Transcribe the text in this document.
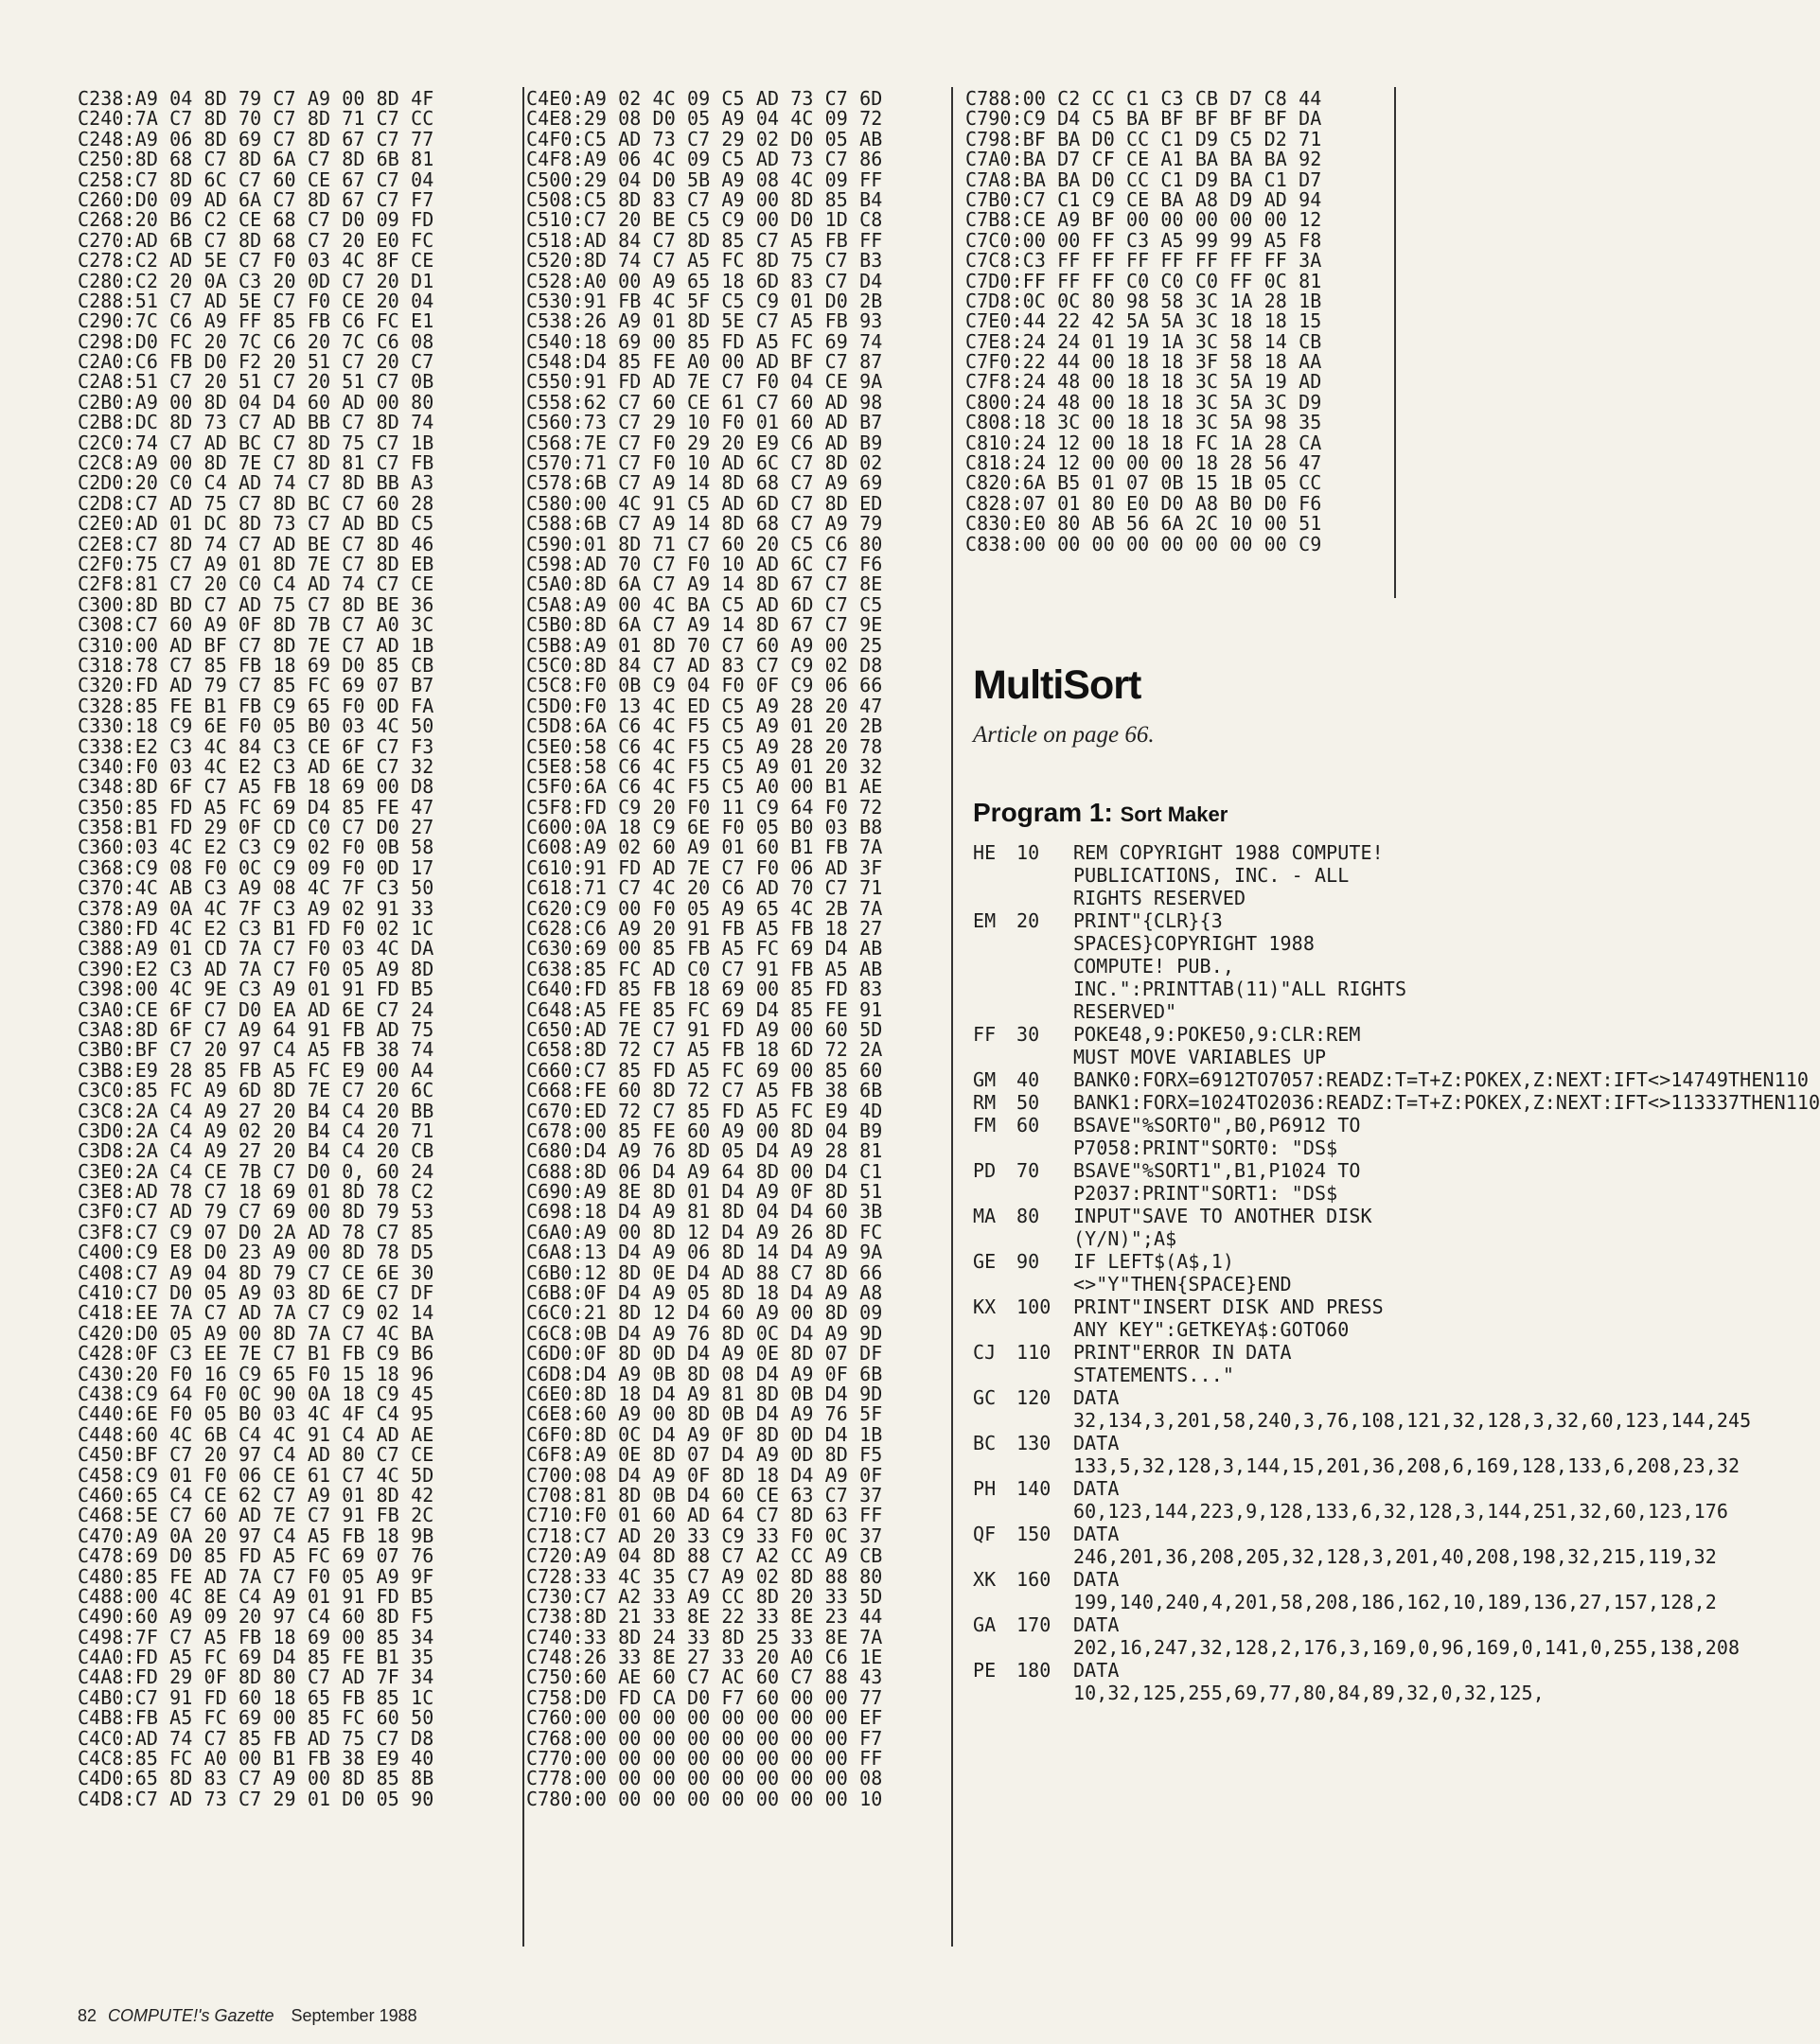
C238:A9 04 8D 79 C7 A9 00 8D 4F
C240:7A C7 8D 70 C7 8D 71 C7 CC
C248:A9 06 8D 69 C7 8D 67 C7 77
C250:8D 68 C7 8D 6A C7 8D 6B 81
C258:C7 8D 6C C7 60 CE 67 C7 04
C260:D0 09 AD 6A C7 8D 67 C7 F7
C268:20 B6 C2 CE 68 C7 D0 09 FD
C270:AD 6B C7 8D 68 C7 20 E0 FC
C278:C2 AD 5E C7 F0 03 4C 8F CE
C280:C2 20 0A C3 20 0D C7 20 D1
C288:51 C7 AD 5E C7 F0 CE 20 04
C290:7C C6 A9 FF 85 FB C6 FC E1
C298:D0 FC 20 7C C6 20 7C C6 08
C2A0:C6 FB D0 F2 20 51 C7 20 C7
C2A8:51 C7 20 51 C7 20 51 C7 0B
C2B0:A9 00 8D 04 D4 60 AD 00 80
C2B8:DC 8D 73 C7 AD BB C7 8D 74
C2C0:74 C7 AD BC C7 8D 75 C7 1B
C2C8:A9 00 8D 7E C7 8D 81 C7 FB
C2D0:20 C0 C4 AD 74 C7 8D BB A3
C2D8:C7 AD 75 C7 8D BC C7 60 28
C2E0:AD 01 DC 8D 73 C7 AD BD C5
C2E8:C7 8D 74 C7 AD BE C7 8D 46
C2F0:75 C7 A9 01 8D 7E C7 8D EB
C2F8:81 C7 20 C0 C4 AD 74 C7 CE
C300:8D BD C7 AD 75 C7 8D BE 36
C308:C7 60 A9 0F 8D 7B C7 A0 3C
C310:00 AD BF C7 8D 7E C7 AD 1B
C318:78 C7 85 FB 18 69 D0 85 CB
C320:FD AD 79 C7 85 FC 69 07 B7
C328:85 FE B1 FB C9 65 F0 0D FA
C330:18 C9 6E F0 05 B0 03 4C 50
C338:E2 C3 4C 84 C3 CE 6F C7 F3
C340:F0 03 4C E2 C3 AD 6E C7 32
C348:8D 6F C7 A5 FB 18 69 00 D8
C350:85 FD A5 FC 69 D4 85 FE 47
C358:B1 FD 29 0F CD C0 C7 D0 27
C360:03 4C E2 C3 C9 02 F0 0B 58
C368:C9 08 F0 0C C9 09 F0 0D 17
C370:4C AB C3 A9 08 4C 7F C3 50
C378:A9 0A 4C 7F C3 A9 02 91 33
C380:FD 4C E2 C3 B1 FD F0 02 1C
C388:A9 01 CD 7A C7 F0 03 4C DA
C390:E2 C3 AD 7A C7 F0 05 A9 8D
C398:00 4C 9E C3 A9 01 91 FD B5
C3A0:CE 6F C7 D0 EA AD 6E C7 24
C3A8:8D 6F C7 A9 64 91 FB AD 75
C3B0:BF C7 20 97 C4 A5 FB 38 74
C3B8:E9 28 85 FB A5 FC E9 00 A4
C3C0:85 FC A9 6D 8D 7E C7 20 6C
C3C8:2A C4 A9 27 20 B4 C4 20 BB
C3D0:2A C4 A9 02 20 B4 C4 20 71
C3D8:2A C4 A9 27 20 B4 C4 20 CB
C3E0:2A C4 CE 7B C7 D0 0, 60 24
C3E8:AD 78 C7 18 69 01 8D 78 C2
C3F0:C7 AD 79 C7 69 00 8D 79 53
C3F8:C7 C9 07 D0 2A AD 78 C7 85
C400:C9 E8 D0 23 A9 00 8D 78 D5
C408:C7 A9 04 8D 79 C7 CE 6E 30
C410:C7 D0 05 A9 03 8D 6E C7 DF
C418:EE 7A C7 AD 7A C7 C9 02 14
C420:D0 05 A9 00 8D 7A C7 4C BA
C428:0F C3 EE 7E C7 B1 FB C9 B6
C430:20 F0 16 C9 65 F0 15 18 96
C438:C9 64 F0 0C 90 0A 18 C9 45
C440:6E F0 05 B0 03 4C 4F C4 95
C448:60 4C 6B C4 4C 91 C4 AD AE
C450:BF C7 20 97 C4 AD 80 C7 CE
C458:C9 01 F0 06 CE 61 C7 4C 5D
C460:65 C4 CE 62 C7 A9 01 8D 42
C468:5E C7 60 AD 7E C7 91 FB 2C
C470:A9 0A 20 97 C4 A5 FB 18 9B
C478:69 D0 85 FD A5 FC 69 07 76
C480:85 FE AD 7A C7 F0 05 A9 9F
C488:00 4C 8E C4 A9 01 91 FD B5
C490:60 A9 09 20 97 C4 60 8D F5
C498:7F C7 A5 FB 18 69 00 85 34
C4A0:FD A5 FC 69 D4 85 FE B1 35
C4A8:FD 29 0F 8D 80 C7 AD 7F 34
C4B0:C7 91 FD 60 18 65 FB 85 1C
C4B8:FB A5 FC 69 00 85 FC 60 50
C4C0:AD 74 C7 85 FB AD 75 C7 D8
C4C8:85 FC A0 00 B1 FB 38 E9 40
C4D0:65 8D 83 C7 A9 00 8D 85 8B
C4D8:C7 AD 73 C7 29 01 D0 05 90
C4E0:A9 02 4C 09 C5 AD 73 C7 6D
C4E8:29 08 D0 05 A9 04 4C 09 72
C4F0:C5 AD 73 C7 29 02 D0 05 AB
C4F8:A9 06 4C 09 C5 AD 73 C7 86
C500:29 04 D0 5B A9 08 4C 09 FF
C508:C5 8D 83 C7 A9 00 8D 85 B4
C510:C7 20 BE C5 C9 00 D0 1D C8
C518:AD 84 C7 8D 85 C7 A5 FB FF
C520:8D 74 C7 A5 FC 8D 75 C7 B3
C528:A0 00 A9 65 18 6D 83 C7 D4
C530:91 FB 4C 5F C5 C9 01 D0 2B
C538:26 A9 01 8D 5E C7 A5 FB 93
C540:18 69 00 85 FD A5 FC 69 74
C548:D4 85 FE A0 00 AD BF C7 87
C550:91 FD AD 7E C7 F0 04 CE 9A
C558:62 C7 60 CE 61 C7 60 AD 98
C560:73 C7 29 10 F0 01 60 AD B7
C568:7E C7 F0 29 20 E9 C6 AD B9
C570:71 C7 F0 10 AD 6C C7 8D 02
C578:6B C7 A9 14 8D 68 C7 A9 69
C580:00 4C 91 C5 AD 6D C7 8D ED
C588:6B C7 A9 14 8D 68 C7 A9 79
C590:01 8D 71 C7 60 20 C5 C6 80
C598:AD 70 C7 F0 10 AD 6C C7 F6
C5A0:8D 6A C7 A9 14 8D 67 C7 8E
C5A8:A9 00 4C BA C5 AD 6D C7 C5
C5B0:8D 6A C7 A9 14 8D 67 C7 9E
C5B8:A9 01 8D 70 C7 60 A9 00 25
C5C0:8D 84 C7 AD 83 C7 C9 02 D8
C5C8:F0 0B C9 04 F0 0F C9 06 66
C5D0:F0 13 4C ED C5 A9 28 20 47
C5D8:6A C6 4C F5 C5 A9 01 20 2B
C5E0:58 C6 4C F5 C5 A9 28 20 78
C5E8:58 C6 4C F5 C5 A9 01 20 32
C5F0:6A C6 4C F5 C5 A0 00 B1 AE
C5F8:FD C9 20 F0 11 C9 64 F0 72
C600:0A 18 C9 6E F0 05 B0 03 B8
C608:A9 02 60 A9 01 60 B1 FB 7A
C610:91 FD AD 7E C7 F0 06 AD 3F
C618:71 C7 4C 20 C6 AD 70 C7 71
C620:C9 00 F0 05 A9 65 4C 2B 7A
C628:C6 A9 20 91 FB A5 FB 18 27
C630:69 00 85 FB A5 FC 69 D4 AB
C638:85 FC AD C0 C7 91 FB A5 AB
C640:FD 85 FB 18 69 00 85 FD 83
C648:A5 FE 85 FC 69 D4 85 FE 91
C650:AD 7E C7 91 FD A9 00 60 5D
C658:8D 72 C7 A5 FB 18 6D 72 2A
C660:C7 85 FD A5 FC 69 00 85 60
C668:FE 60 8D 72 C7 A5 FB 38 6B
C670:ED 72 C7 85 FD A5 FC E9 4D
C678:00 85 FE 60 A9 00 8D 04 B9
C680:D4 A9 76 8D 05 D4 A9 28 81
C688:8D 06 D4 A9 64 8D 00 D4 C1
C690:A9 8E 8D 01 D4 A9 0F 8D 51
C698:18 D4 A9 81 8D 04 D4 60 3B
C6A0:A9 00 8D 12 D4 A9 26 8D FC
C6A8:13 D4 A9 06 8D 14 D4 A9 9A
C6B0:12 8D 0E D4 AD 88 C7 8D 66
C6B8:0F D4 A9 05 8D 18 D4 A9 A8
C6C0:21 8D 12 D4 60 A9 00 8D 09
C6C8:0B D4 A9 76 8D 0C D4 A9 9D
C6D0:0F 8D 0D D4 A9 0E 8D 07 DF
C6D8:D4 A9 0B 8D 08 D4 A9 0F 6B
C6E0:8D 18 D4 A9 81 8D 0B D4 9D
C6E8:60 A9 00 8D 0B D4 A9 76 5F
C6F0:8D 0C D4 A9 0F 8D 0D D4 1B
C6F8:A9 0E 8D 07 D4 A9 0D 8D F5
C700:08 D4 A9 0F 8D 18 D4 A9 0F
C708:81 8D 0B D4 60 CE 63 C7 37
C710:F0 01 60 AD 64 C7 8D 63 FF
C718:C7 AD 20 33 C9 33 F0 0C 37
C720:A9 04 8D 88 C7 A2 CC A9 CB
C728:33 4C 35 C7 A9 02 8D 88 80
C730:C7 A2 33 A9 CC 8D 20 33 5D
C738:8D 21 33 8E 22 33 8E 23 44
C740:33 8D 24 33 8D 25 33 8E 7A
C748:26 33 8E 27 33 20 A0 C6 1E
C750:60 AE 60 C7 AC 60 C7 88 43
C758:D0 FD CA D0 F7 60 00 00 77
C760:00 00 00 00 00 00 00 00 EF
C768:00 00 00 00 00 00 00 00 F7
C770:00 00 00 00 00 00 00 00 FF
C778:00 00 00 00 00 00 00 00 08
C780:00 00 00 00 00 00 00 00 10
C788:00 C2 CC C1 C3 CB D7 C8 44
C790:C9 D4 C5 BA BF BF BF BF DA
C798:BF BA D0 CC C1 D9 C5 D2 71
C7A0:BA D7 CF CE A1 BA BA BA 92
C7A8:BA BA D0 CC C1 D9 BA C1 D7
C7B0:C7 C1 C9 CE BA A8 D9 AD 94
C7B8:CE A9 BF 00 00 00 00 00 12
C7C0:00 00 FF C3 A5 99 99 A5 F8
C7C8:C3 FF FF FF FF FF FF FF 3A
C7D0:FF FF FF C0 C0 C0 FF 0C 81
C7D8:0C 0C 80 98 58 3C 1A 28 1B
C7E0:44 22 42 5A 5A 3C 18 18 15
C7E8:24 24 01 19 1A 3C 58 14 CB
C7F0:22 44 00 18 18 3F 58 18 AA
C7F8:24 48 00 18 18 3C 5A 19 AD
C800:24 48 00 18 18 3C 5A 3C D9
C808:18 3C 00 18 18 3C 5A 98 35
C810:24 12 00 18 18 FC 1A 28 CA
C818:24 12 00 00 00 18 28 56 47
C820:6A B5 01 07 0B 15 1B 05 CC
C828:07 01 80 E0 D0 A8 B0 D0 F6
C830:E0 80 AB 56 6A 2C 10 00 51
C838:00 00 00 00 00 00 00 00 C9
MultiSort
Article on page 66.
Program 1: Sort Maker
HE	10	REM COPYRIGHT 1988 COMPUTE! PUBLICATIONS, INC. - ALL RIGHTS RESERVED
EM	20	PRINT"{CLR}{3 SPACES}COPYRIGHT 1988 COMPUTE! PUB., INC.":PRINTTAB(11)"ALL RIGHTS RESERVED"
FF	30	POKE48,9:POKE50,9:CLR:REM MUST MOVE VARIABLES UP
GM	40	BANK0:FORX=6912TO7057:READZ:T=T+Z:POKEX,Z:NEXT:IFT<>14749THEN110
RM	50	BANK1:FORX=1024TO2036:READZ:T=T+Z:POKEX,Z:NEXT:IFT<>113337THEN110
FM	60	BSAVE"%SORT0",B0,P6912 TO P7058:PRINT"SORT0: "DS$
PD	70	BSAVE"%SORT1",B1,P1024 TO P2037:PRINT"SORT1: "DS$
MA	80	INPUT"SAVE TO ANOTHER DISK (Y/N)";A$
GE	90	IF LEFT$(A$,1)<>"Y"THEN{SPACE}END
KX	100	PRINT"INSERT DISK AND PRESS ANY KEY":GETKEYA$:GOTO60
CJ	110	PRINT"ERROR IN DATA STATEMENTS..."
GC	120	DATA 32,134,3,201,58,240,3,76,108,121,32,128,3,32,60,123,144,245
BC	130	DATA 133,5,32,128,3,144,15,201,36,208,6,169,128,133,6,208,23,32
PH	140	DATA 60,123,144,223,9,128,133,6,32,128,3,144,251,32,60,123,176
QF	150	DATA 246,201,36,208,205,32,128,3,201,40,208,198,32,215,119,32
XK	160	DATA 199,140,240,4,201,58,208,186,162,10,189,136,27,157,128,2
GA	170	DATA 202,16,247,32,128,2,176,3,169,0,96,169,0,141,0,255,138,208
PE	180	DATA 10,32,125,255,69,77,80,84,89,32,0,32,125,
82 COMPUTE!'s Gazette September 1988
